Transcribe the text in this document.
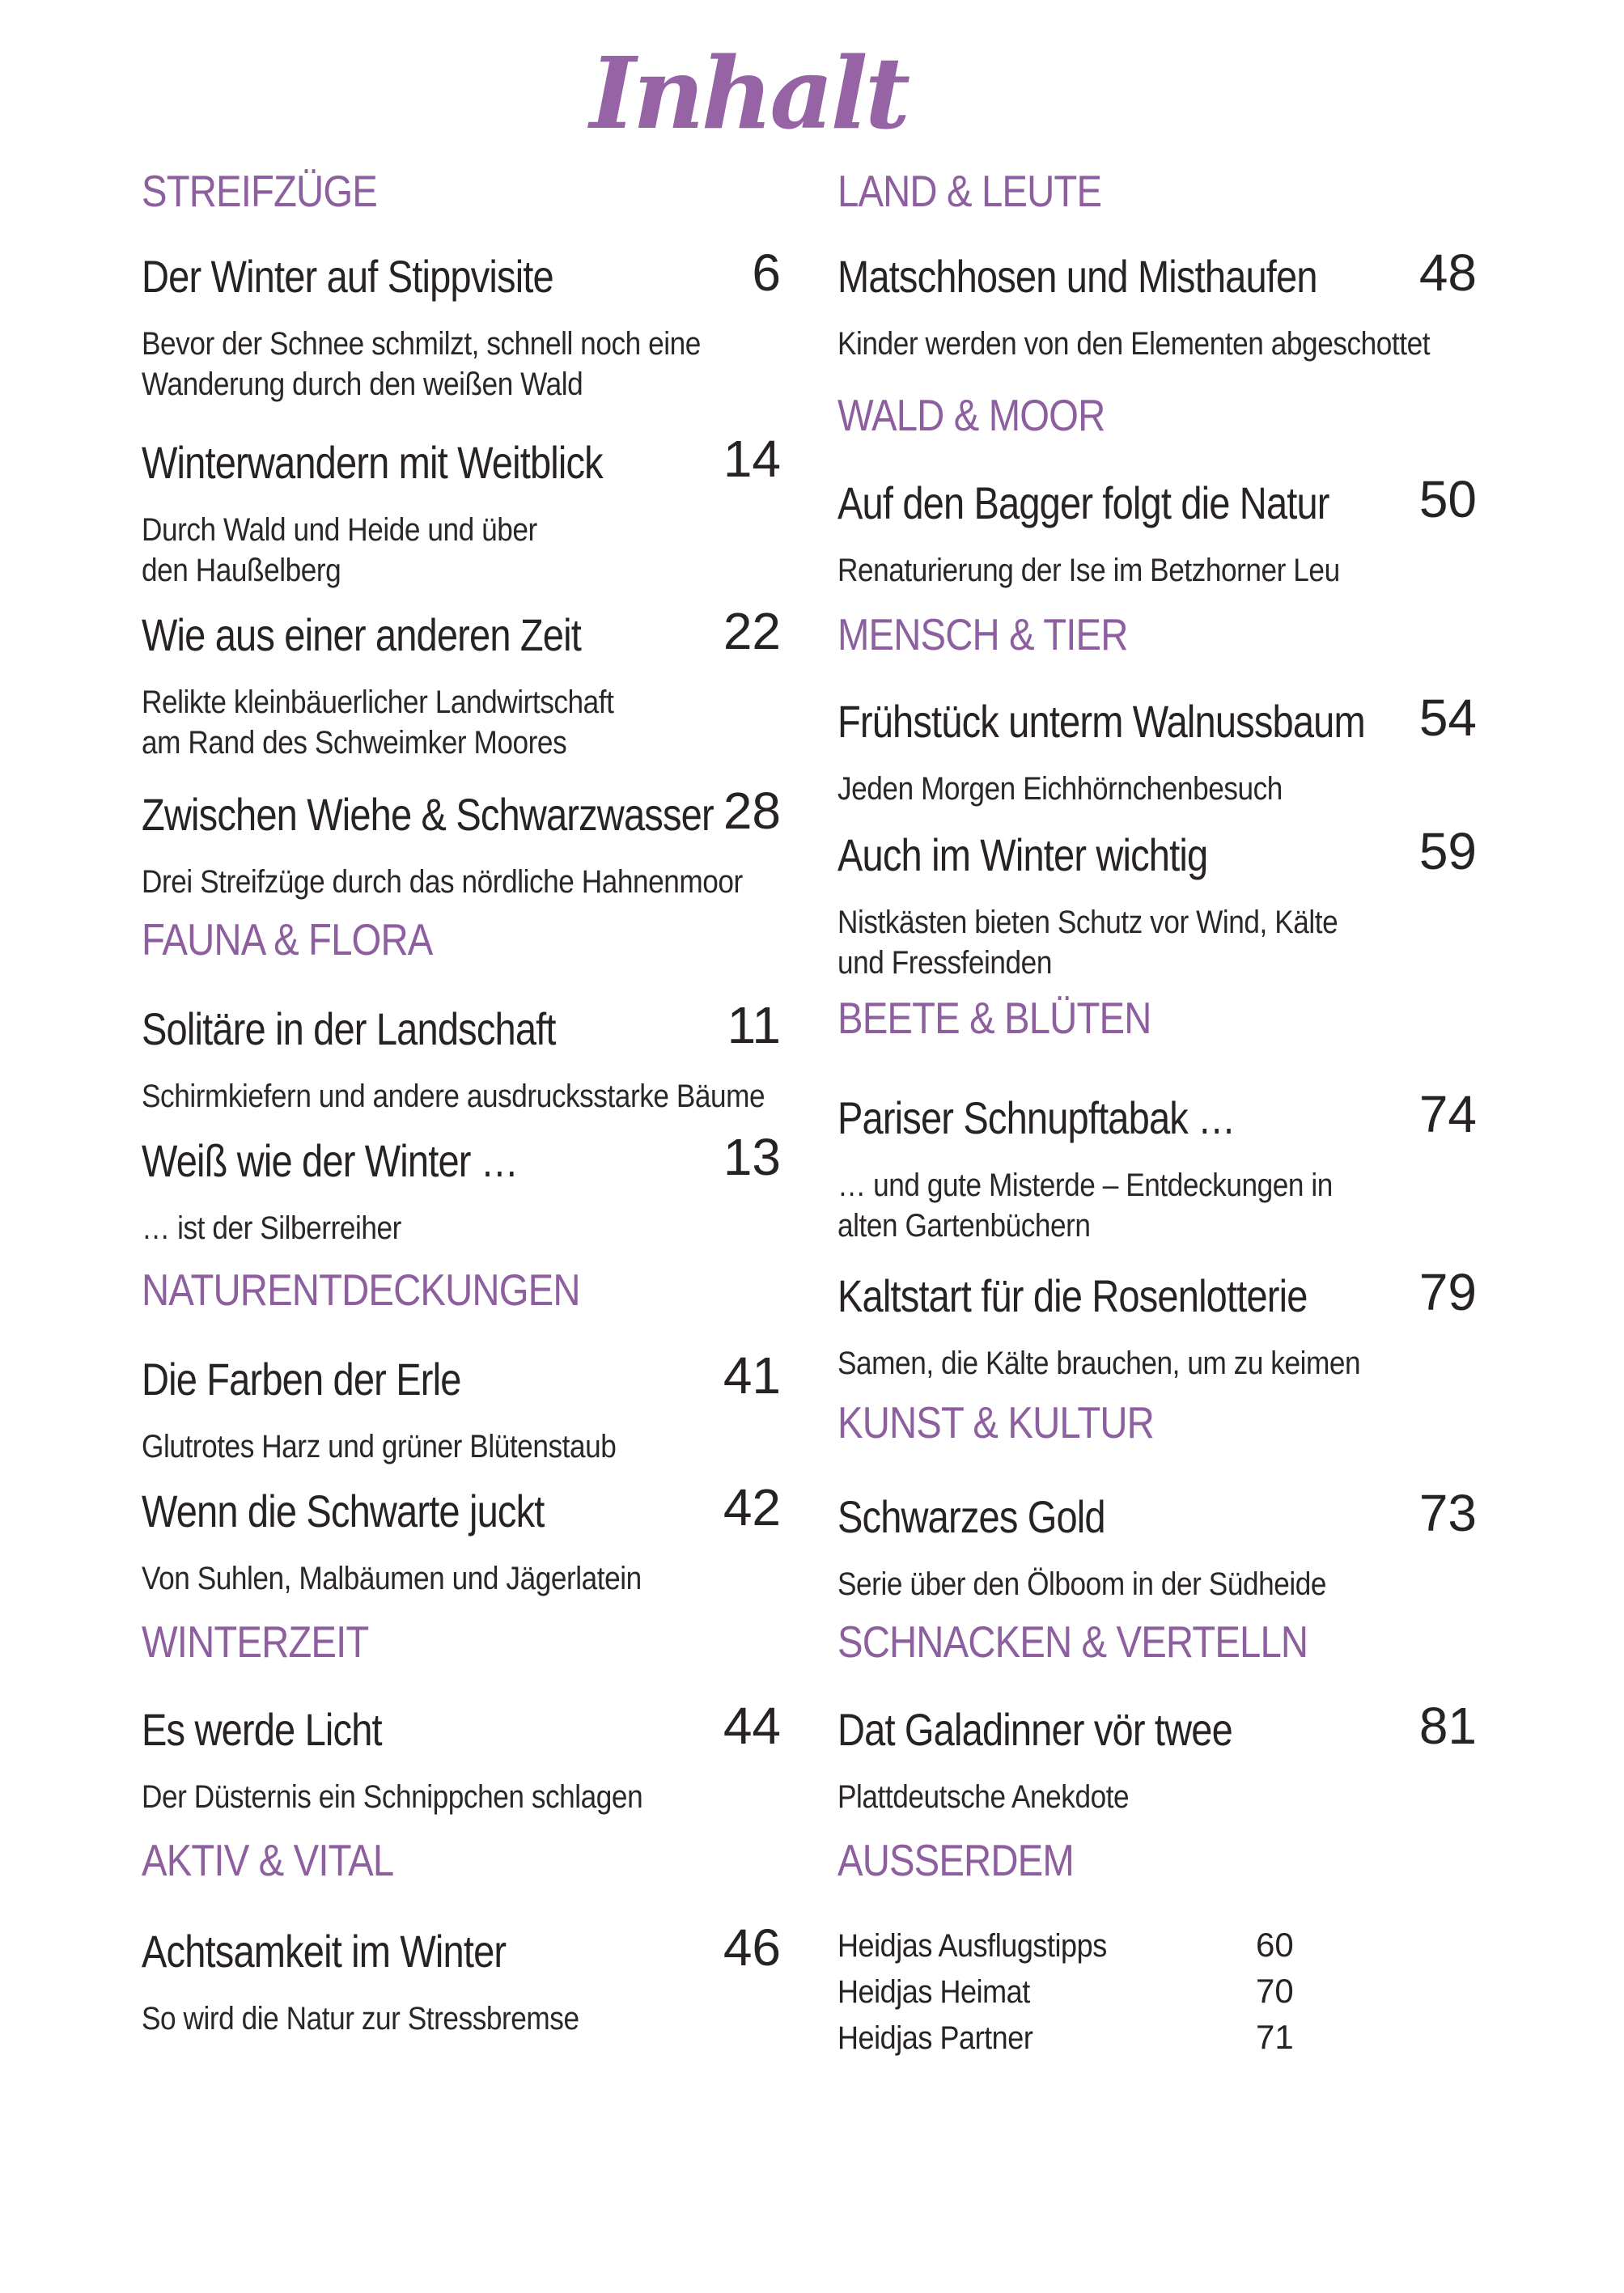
Inhalt
STREIFZÜGE
Der Winter auf Stippvisite	6
Bevor der Schnee schmilzt, schnell noch eine
Wanderung durch den weißen Wald
Winterwandern mit Weitblick 14
Durch Wald und Heide und über
den Haußelberg
Wie aus einer anderen Zeit	22
Relikte kleinbäuerlicher Landwirtschaft
am Rand des Schweimker Moores
Zwischen Wiehe & Schwarzwasser 28
Drei Streifzüge durch das nördliche Hahnenmoor
FAUNA & FLORA
Solitäre in der Landschaft	11
Schirmkiefern und andere ausdrucksstarke Bäume
Weiß wie der Winter …	13
… ist der Silberreiher
NATURENTDECKUNGEN
Die Farben der Erle	41
Glutrotes Harz und grüner Blütenstaub
Wenn die Schwarte juckt	42
Von Suhlen, Malbäumen und Jägerlatein
WINTERZEIT
Es werde Licht	44
Der Düsternis ein Schnippchen schlagen
AKTIV & VITAL
Achtsamkeit im Winter	46
So wird die Natur zur Stressbremse
LAND & LEUTE
Matschhosen und Misthaufen 48
Kinder werden von den Elementen abgeschottet
WALD & MOOR
Auf den Bagger folgt die Natur 50
Renaturierung der Ise im Betzhorner Leu
MENSCH & TIER
Frühstück unterm Walnussbaum 54
Jeden Morgen Eichhörnchenbesuch
Auch im Winter wichtig	59
Nistkästen bieten Schutz vor Wind, Kälte
und Fressfeinden
BEETE & BLÜTEN
Pariser Schnupftabak …	74
… und gute Misterde – Entdeckungen in
alten Gartenbüchern
Kaltstart für die Rosenlotterie 79
Samen, die Kälte brauchen, um zu keimen
KUNST & KULTUR
Schwarzes Gold	73
Serie über den Ölboom in der Südheide
SCHNACKEN & VERTELLN
Dat Galadinner vör twee	81
Plattdeutsche Anekdote
AUSSERDEM
Heidjas Ausflugstipps	60
Heidjas Heimat	70
Heidjas Partner	71
